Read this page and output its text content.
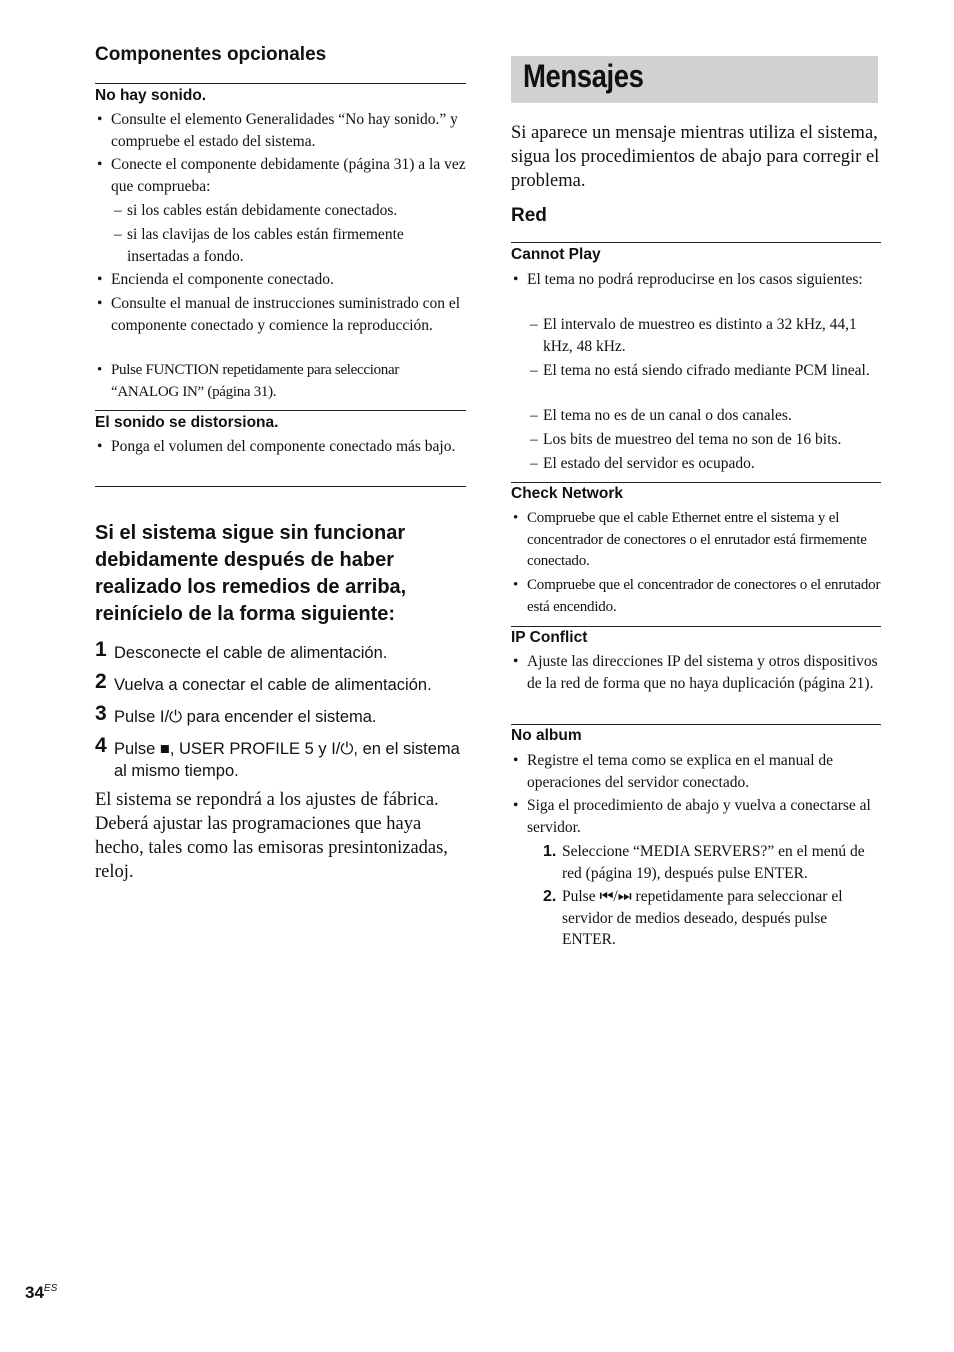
Componentes opcionales
No hay sonido.
• Consulte el elemento Generalidades “No hay sonido.” y compruebe el estado del sistema.
• Conecte el componente debidamente (página 31) a la vez que comprueba:
– si los cables están debidamente conectados.
– si las clavijas de los cables están firmemente insertadas a fondo.
• Encienda el componente conectado.
• Consulte el manual de instrucciones suministrado con el componente conectado y comience la reproducción.
• Pulse FUNCTION repetidamente para seleccionar “ANALOG IN” (página 31).
El sonido se distorsiona.
• Ponga el volumen del componente conectado más bajo.
Si el sistema sigue sin funcionar debidamente después de haber realizado los remedios de arriba, reinícielo de la forma siguiente:
1 Desconecte el cable de alimentación.
2 Vuelva a conectar el cable de alimentación.
3 Pulse I/⏻ para encender el sistema.
4 Pulse ■, USER PROFILE 5 y I/⏻, en el sistema al mismo tiempo.
El sistema se repondrá a los ajustes de fábrica. Deberá ajustar las programaciones que haya hecho, tales como las emisoras presintonizadas, reloj.
Mensajes
Si aparece un mensaje mientras utiliza el sistema, sigua los procedimientos de abajo para corregir el problema.
Red
Cannot Play
• El tema no podrá reproducirse en los casos siguientes:
– El intervalo de muestreo es distinto a 32 kHz, 44,1 kHz, 48 kHz.
– El tema no está siendo cifrado mediante PCM lineal.
– El tema no es de un canal o dos canales.
– Los bits de muestreo del tema no son de 16 bits.
– El estado del servidor es ocupado.
Check Network
• Compruebe que el cable Ethernet entre el sistema y el concentrador de conectores o el enrutador está firmemente conectado.
• Compruebe que el concentrador de conectores o el enrutador está encendido.
IP Conflict
• Ajuste las direcciones IP del sistema y otros dispositivos de la red de forma que no haya duplicación (página 21).
No album
• Registre el tema como se explica en el manual de operaciones del servidor conectado.
• Siga el procedimiento de abajo y vuelva a conectarse al servidor.
1. Seleccione “MEDIA SERVERS?” en el menú de red (página 19), después pulse ENTER.
2. Pulse ⏮/⏭ repetidamente para seleccionar el servidor de medios deseado, después pulse ENTER.
$34^{ES}$
